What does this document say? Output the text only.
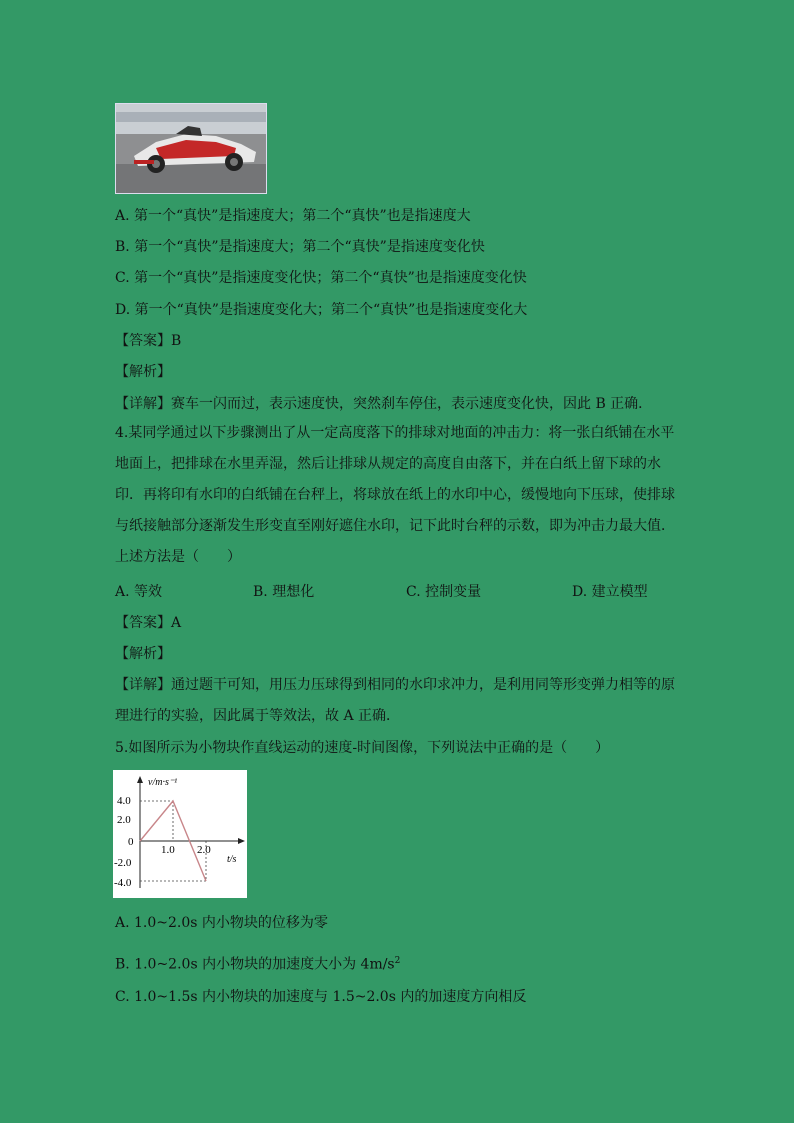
A. 第一个“真快”是指速度大；第二个“真快”也是指速度大
B. 第一个“真快”是指速度大；第二个“真快”是指速度变化快
C. 第一个“真快”是指速度变化快；第二个“真快”也是指速度变化快
D. 第一个“真快”是指速度变化大；第二个“真快”也是指速度变化大
【答案】B
【解析】
【详解】赛车一闪而过，表示速度快，突然刹车停住，表示速度变化快，因此 B 正确．
4.某同学通过以下步骤测出了从一定高度落下的排球对地面的冲击力：将一张白纸铺在水平地面上，把排球在水里弄湿，然后让排球从规定的高度自由落下，并在白纸上留下球的水印．再将印有水印的白纸铺在台秤上，将球放在纸上的水印中心，缓慢地向下压球，使排球与纸接触部分逐渐发生形变直至刚好遮住水印，记下此时台秤的示数，即为冲击力最大值．上述方法是（　　）
A. 等效	B. 理想化	C. 控制变量	D. 建立模型
【答案】A
【解析】
【详解】通过题干可知，用压力压球得到相同的水印求冲力，是利用同等形变弹力相等的原理进行的实验，因此属于等效法，故 A 正确．
5.如图所示为小物块作直线运动的速度-时间图像，下列说法中正确的是（　　）
v/m·s⁻¹
t/s
4.0
2.0
0
-2.0
-4.0
1.0 2.0
A. 1.0~2.0s 内小物块的位移为零
B. 1.0~2.0s 内小物块的加速度大小为 $4m/s^2$
C. 1.0~1.5s 内小物块的加速度与 1.5~2.0s 内的加速度方向相反
